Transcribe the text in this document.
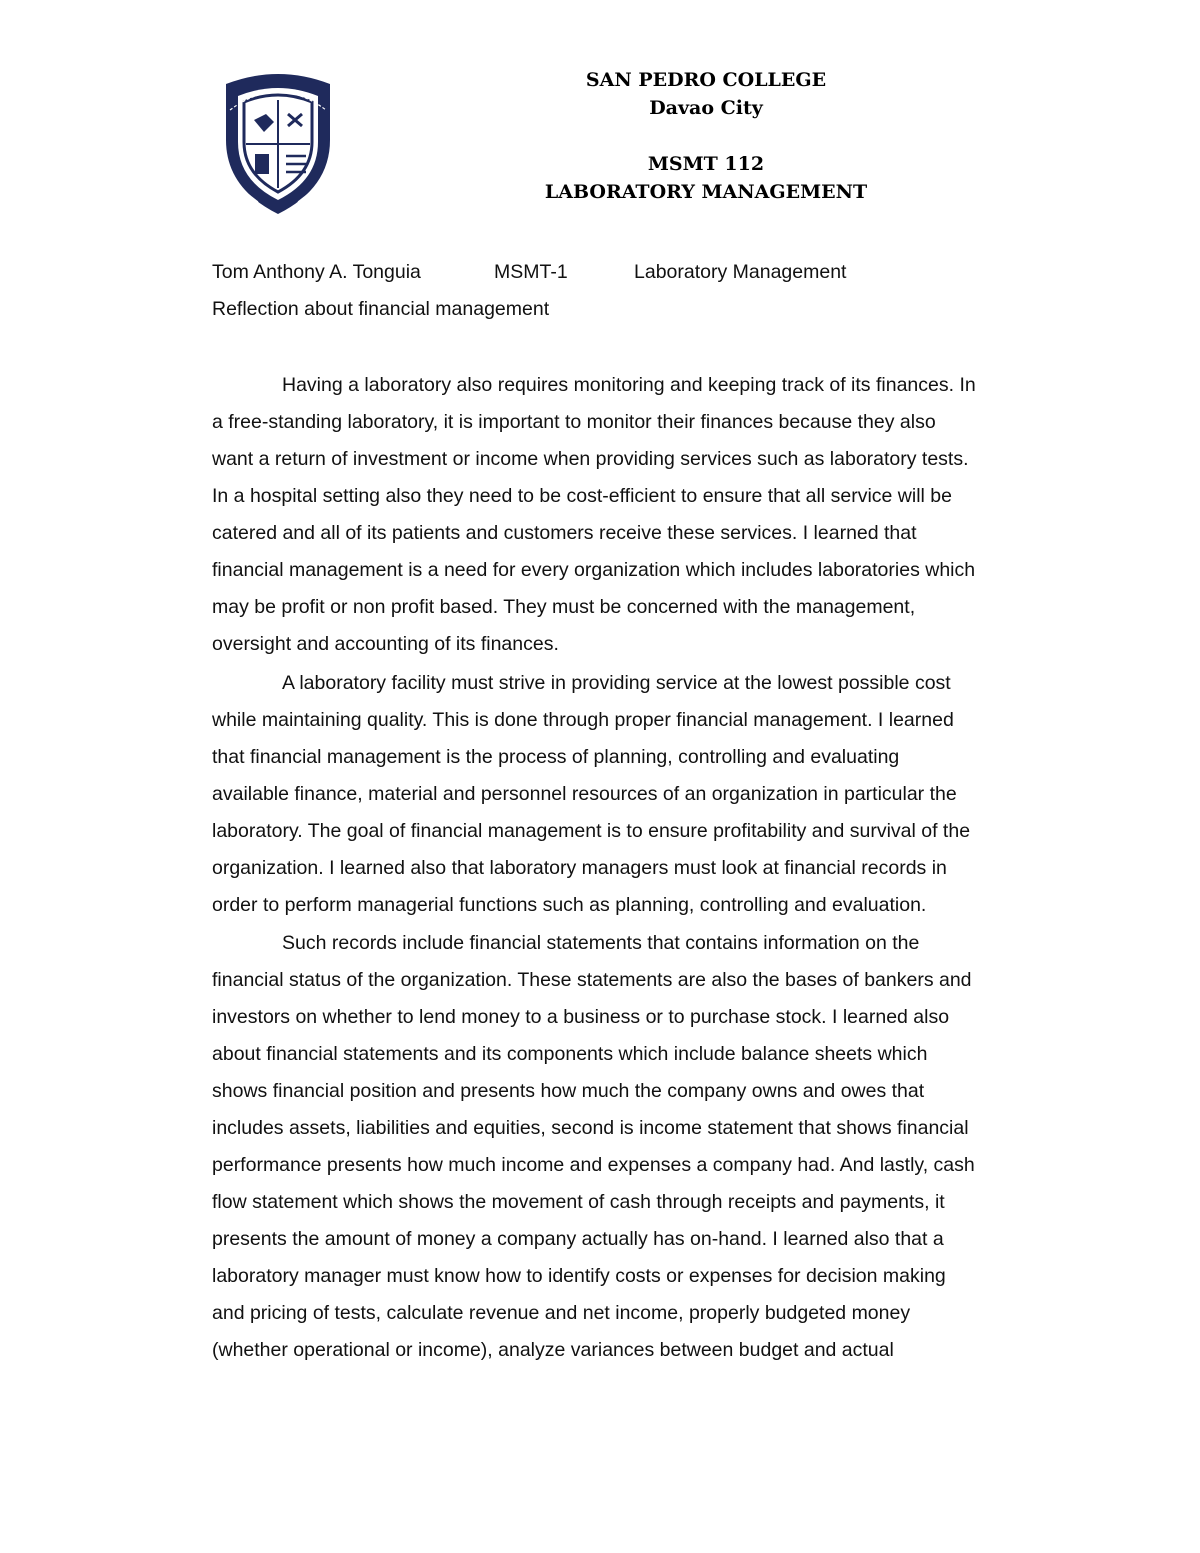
SAN PEDRO COLLEGE
Davao City
MSMT 112
LABORATORY MANAGEMENT
Tom Anthony A. Tonguia	MSMT-1	Laboratory Management
Reflection about financial management
Having a laboratory also requires monitoring and keeping track of its finances. In
a free-standing laboratory, it is important to monitor their finances because they also
want a return of investment or income when providing services such as laboratory tests.
In a hospital setting also they need to be cost-efficient to ensure that all service will be
catered and all of its patients and customers receive these services. I learned that
financial management is a need for every organization which includes laboratories which
may be profit or non profit based. They must be concerned with the management,
oversight and accounting of its finances.
A laboratory facility must strive in providing service at the lowest possible cost
while maintaining quality. This is done through proper financial management. I learned
that financial management is the process of planning, controlling and evaluating
available finance, material and personnel resources of an organization in particular the
laboratory. The goal of financial management is to ensure profitability and survival of the
organization. I learned also that laboratory managers must look at financial records in
order to perform managerial functions such as planning, controlling and evaluation.
Such records include financial statements that contains information on the
financial status of the organization. These statements are also the bases of bankers and
investors on whether to lend money to a business or to purchase stock. I learned also
about financial statements and its components which include balance sheets which
shows financial position and presents how much the company owns and owes that
includes assets, liabilities and equities, second is income statement that shows financial
performance presents how much income and expenses a company had. And lastly, cash
flow statement which shows the movement of cash through receipts and payments, it
presents the amount of money a company actually has on-hand. I learned also that a
laboratory manager must know how to identify costs or expenses for decision making
and pricing of tests, calculate revenue and net income, properly budgeted money
(whether operational or income), analyze variances between budget and actual
